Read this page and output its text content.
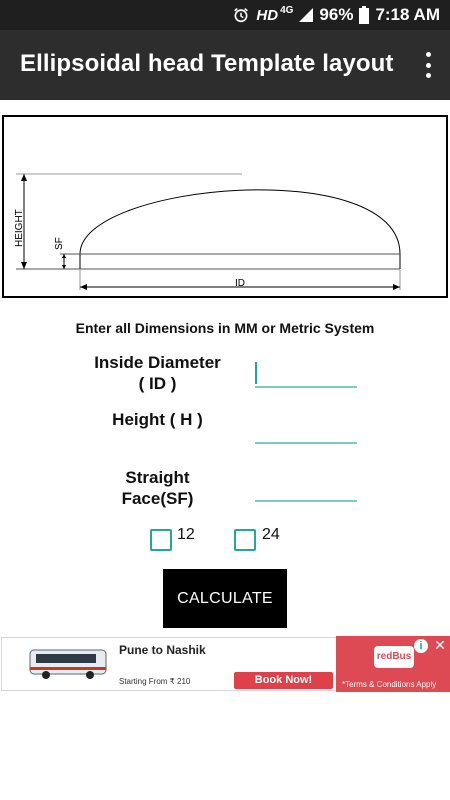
HD 4G 96% 7:18 AM
Ellipsoidal head Template layout
HEIGHT	SF
ID
Enter all Dimensions in MM or Metric System
Inside Diameter
( ID )
Height ( H )
Straight
Face(SF)
12	24
CALCULATE
Pune to Nashik
Starting From ₹ 210	Book Now!
redBus
*Terms & Conditions Apply
i ✕
